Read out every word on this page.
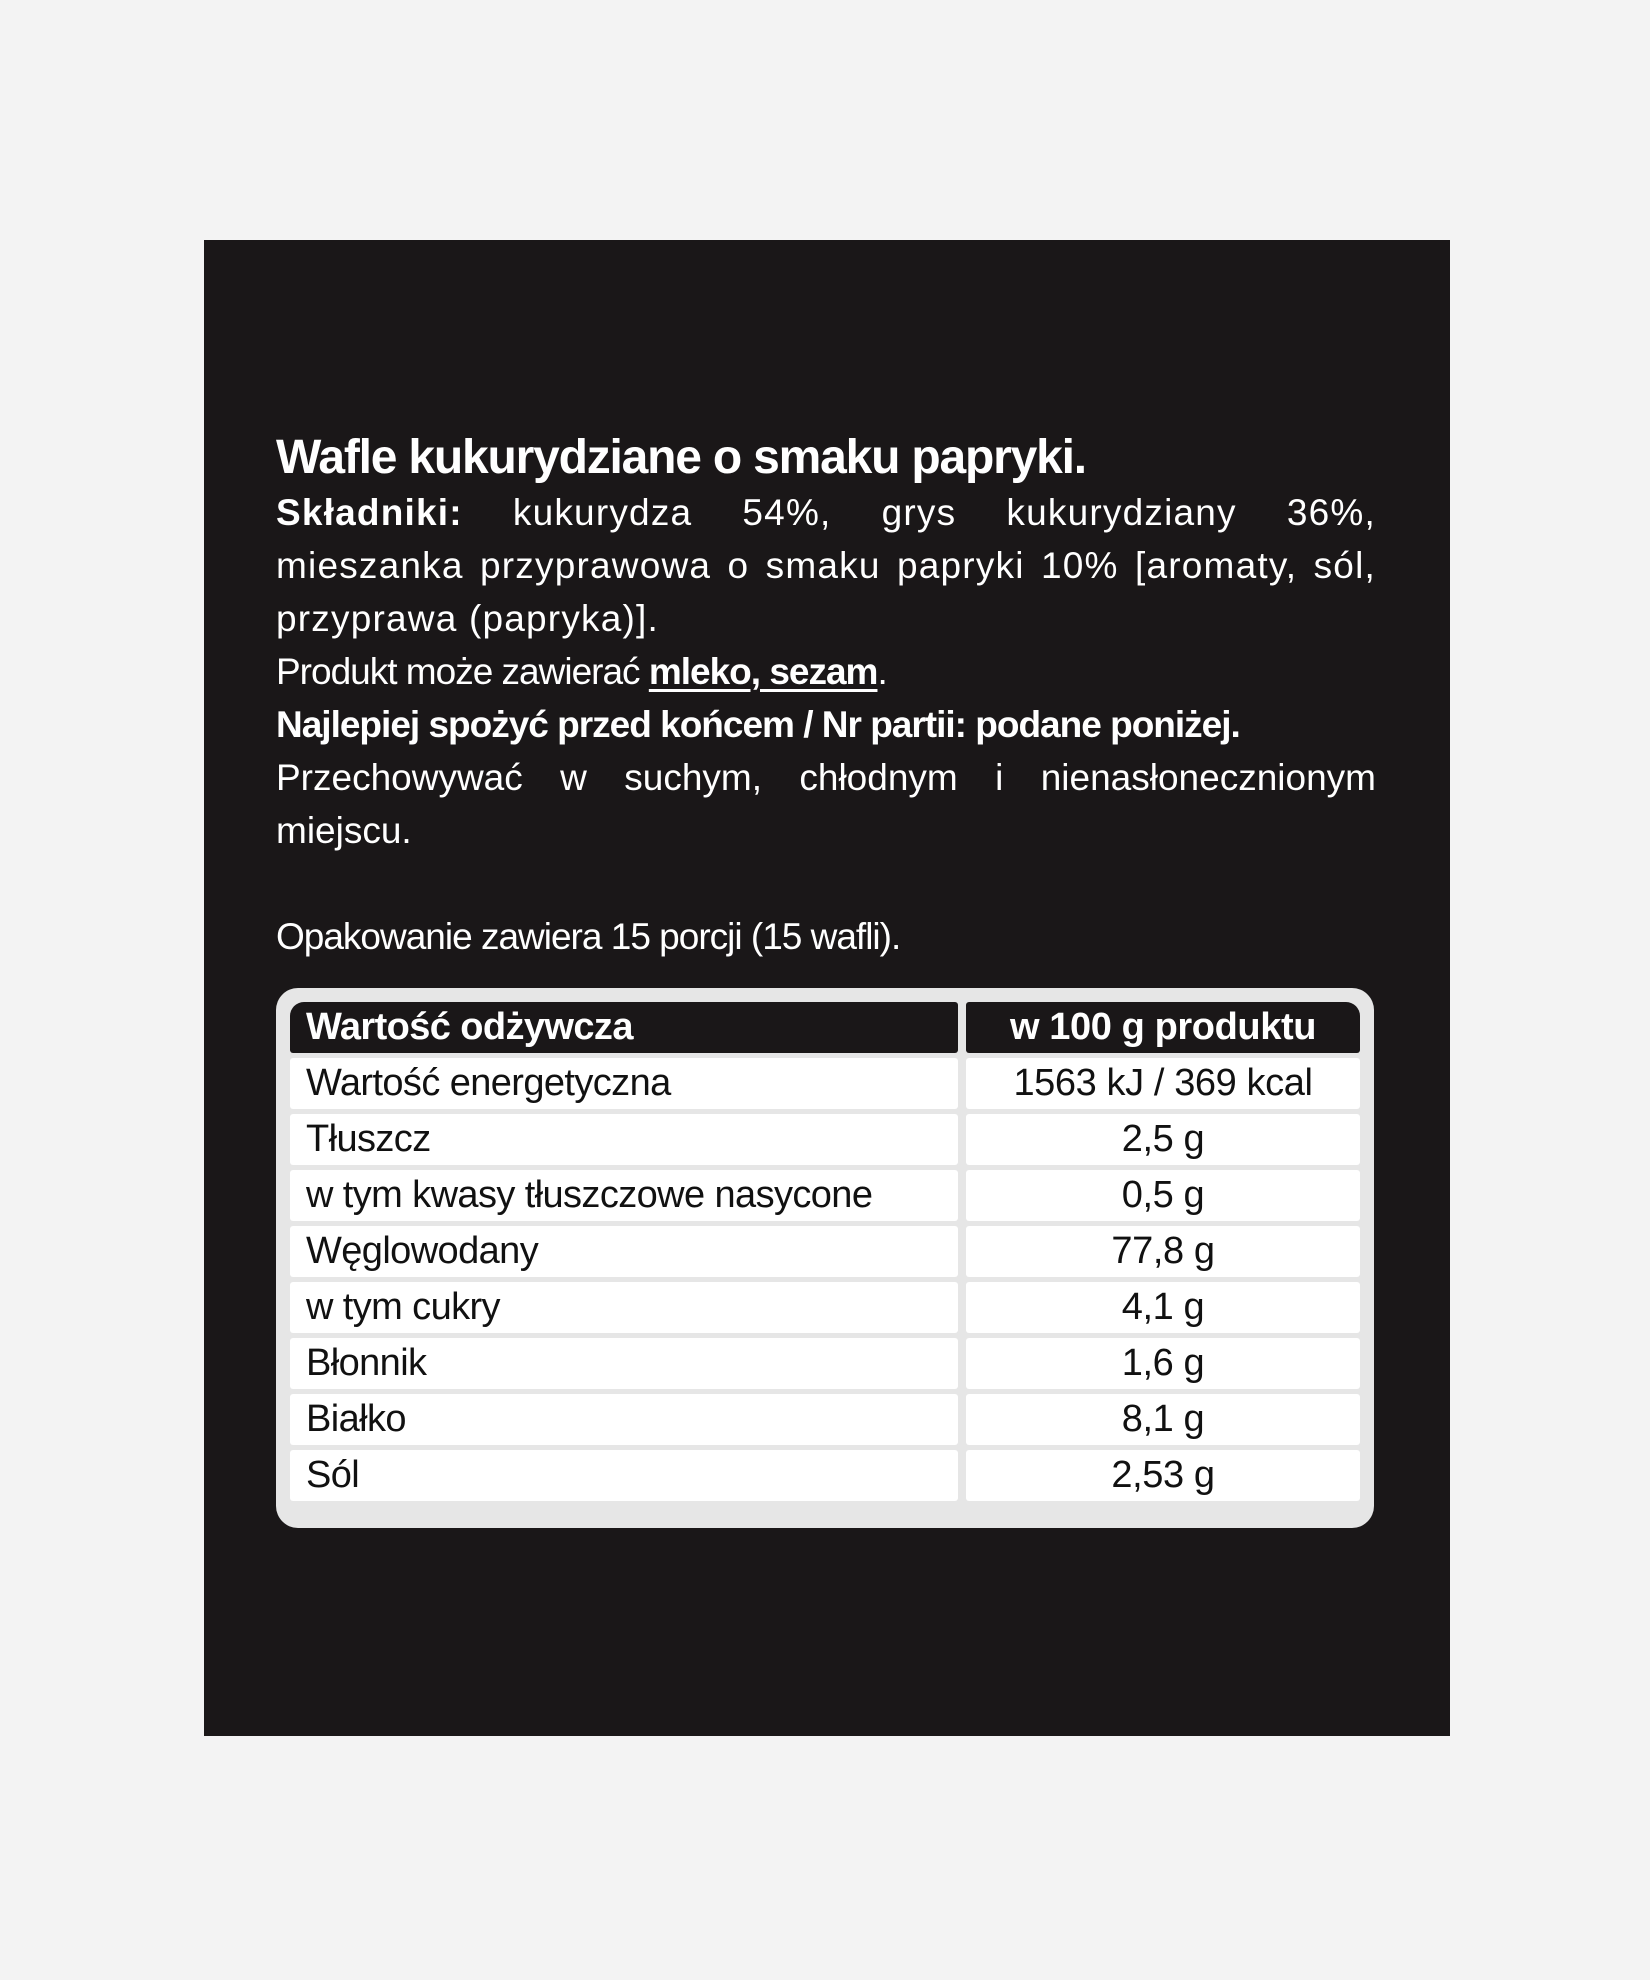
Wafle kukurydziane o smaku papryki.

Składniki: kukurydza 54%, grys kukurydziany 36%, mieszanka przyprawowa o smaku papryki 10% [aromaty, sól, przyprawa (papryka)].

Produkt może zawierać mleko, sezam.

Najlepiej spożyć przed końcem / Nr partii: podane poniżej.

Przechowywać w suchym, chłodnym i nienasłonecznionym miejscu.

Opakowanie zawiera 15 porcji (15 wafli).

Wartość odżywcza	w 100 g produktu
Wartość energetyczna	1563 kJ / 369 kcal
Tłuszcz	2,5 g
w tym kwasy tłuszczowe nasycone	0,5 g
Węglowodany	77,8 g
w tym cukry	4,1 g
Błonnik	1,6 g
Białko	8,1 g
Sól	2,53 g
